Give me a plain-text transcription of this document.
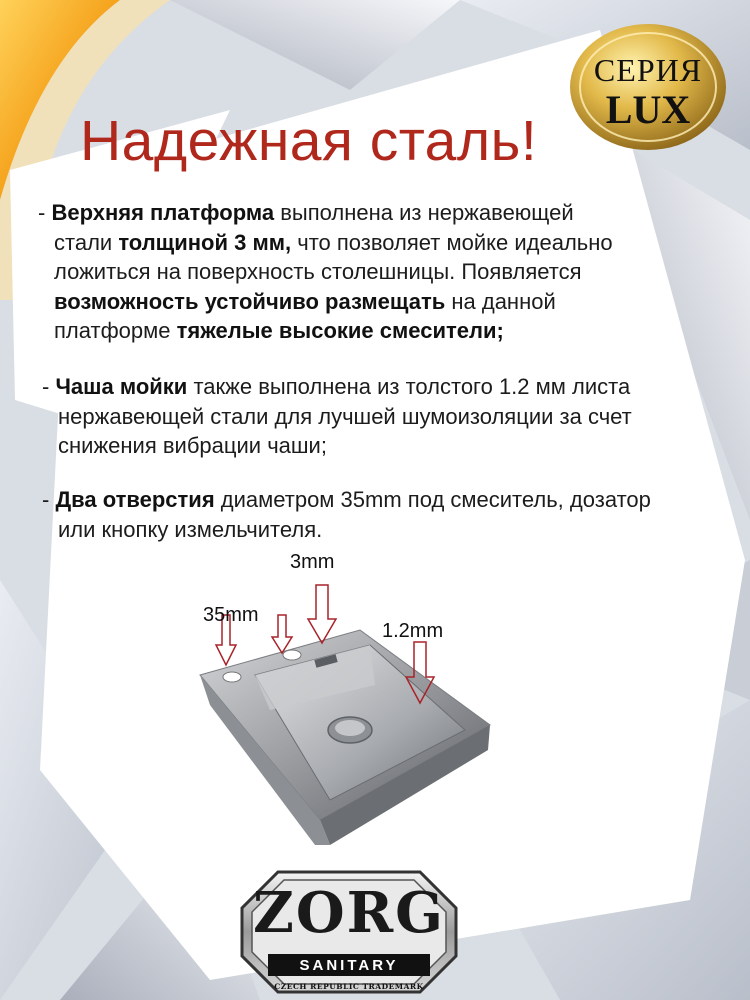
СЕРИЯ
LUX
Надежная сталь!
- Верхняя платформа выполнена из нержавеющей
стали толщиной 3 мм, что позволяет мойке идеально
ложиться на поверхность столешницы. Появляется
возможность устойчиво размещать на данной
платформе тяжелые высокие смесители;
- Чаша мойки также выполнена из толстого 1.2 мм листа
нержавеющей стали для лучшей шумоизоляции за счет
снижения вибрации чаши;
- Два отверстия диаметром 35mm под смеситель, дозатор
или кнопку измельчителя.
3mm
35mm
1.2mm
ZORG
SANITARY
CZECH REPUBLIC TRADEMARK
